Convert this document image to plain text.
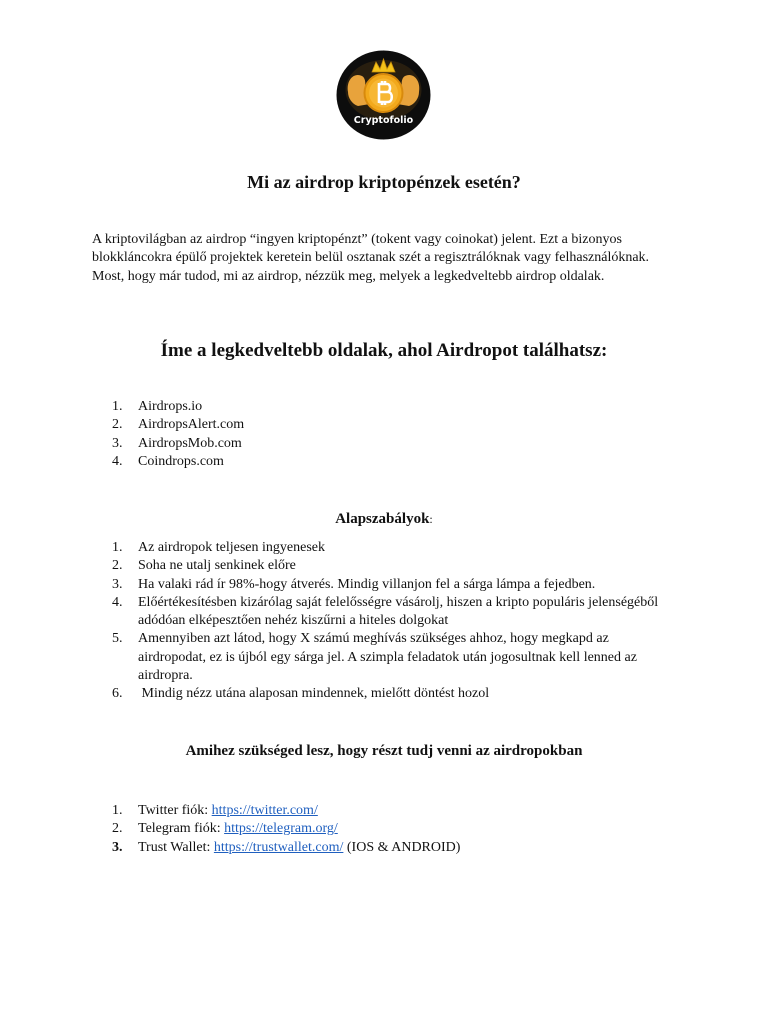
Cryptofolio
Mi az airdrop kriptopénzek esetén?

A kriptovilágban az airdrop “ingyen kriptopénzt” (tokent vagy coinokat) jelent. Ezt a bizonyos blokkláncokra épülő projektek keretein belül osztanak szét a regisztrálóknak vagy felhasználóknak. Most, hogy már tudod, mi az airdrop, nézzük meg, melyek a legkedveltebb airdrop oldalak.

Íme a legkedveltebb oldalak, ahol Airdropot találhatsz:
1. Airdrops.io
2. AirdropsAlert.com
3. AirdropsMob.com
4. Coindrops.com
Alapszabályok:
1. Az airdropok teljesen ingyenesek
2. Soha ne utalj senkinek előre
3. Ha valaki rád ír 98%-hogy átverés. Mindig villanjon fel a sárga lámpa a fejedben.
4. Előértékesítésben kizárólag saját felelősségre vásárolj, hiszen a kripto populáris jelenségéből adódóan elképesztően nehéz kiszűrni a hiteles dolgokat
5. Amennyiben azt látod, hogy X számú meghívás szükséges ahhoz, hogy megkapd az airdropodat, ez is újból egy sárga jel. A szimpla feladatok után jogosultnak kell lenned az airdropra.
6. Mindig nézz utána alaposan mindennek, mielőtt döntést hozol
Amihez szükséged lesz, hogy részt tudj venni az airdropokban
1. Twitter fiók: https://twitter.com/
2. Telegram fiók: https://telegram.org/
3. Trust Wallet: https://trustwallet.com/ (IOS & ANDROID)
